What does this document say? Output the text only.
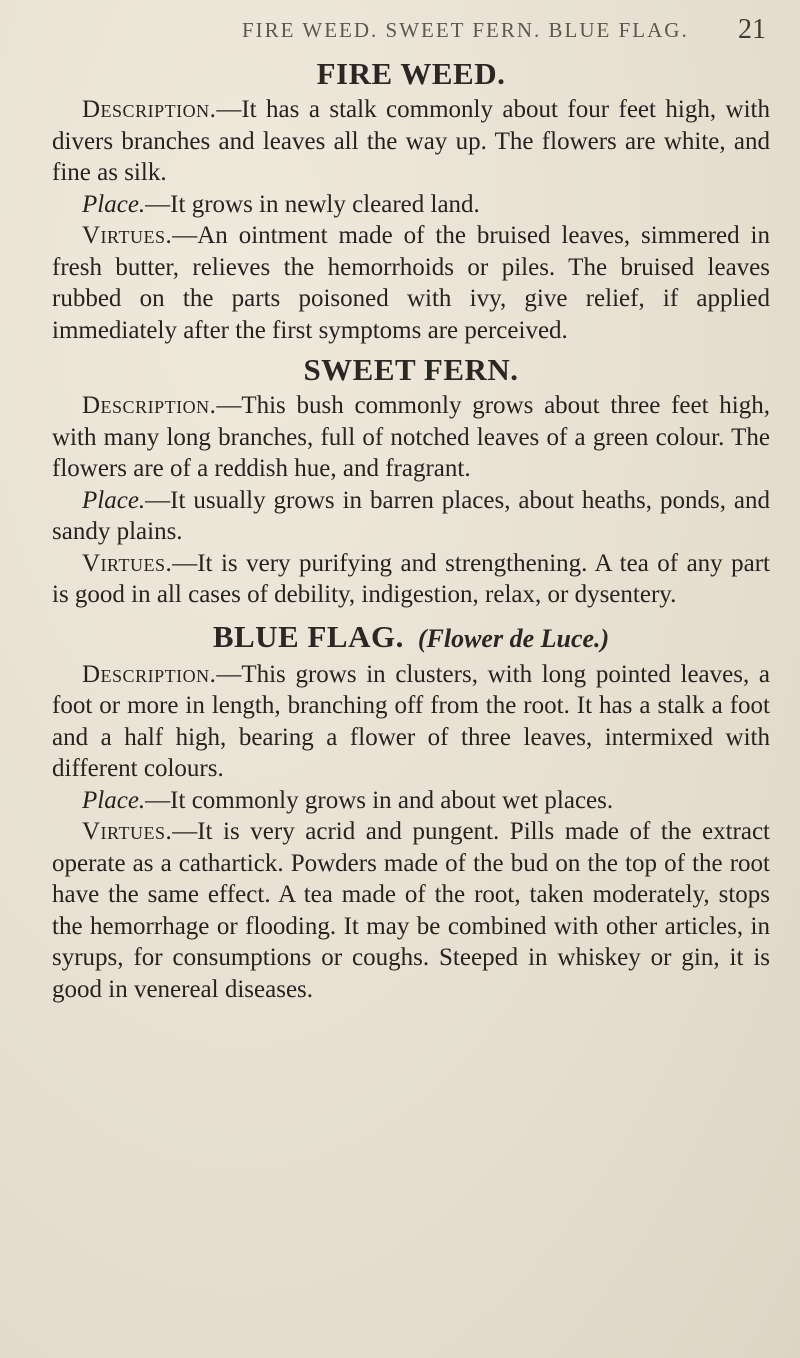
FIRE WEED. SWEET FERN. BLUE FLAG. 21
FIRE WEED.

Description.—It has a stalk commonly about four feet high, with divers branches and leaves all the way up. The flowers are white, and fine as silk.

Place.—It grows in newly cleared land.

Virtues.—An ointment made of the bruised leaves, simmered in fresh butter, relieves the hemorrhoids or piles. The bruised leaves rubbed on the parts poisoned with ivy, give relief, if applied immediately after the first symptoms are perceived.

SWEET FERN.

Description.—This bush commonly grows about three feet high, with many long branches, full of notched leaves of a green colour. The flowers are of a reddish hue, and fragrant.

Place.—It usually grows in barren places, about heaths, ponds, and sandy plains.

Virtues.—It is very purifying and strengthening. A tea of any part is good in all cases of debility, indigestion, relax, or dysentery.

BLUE FLAG. (Flower de Luce.)

Description.—This grows in clusters, with long pointed leaves, a foot or more in length, branching off from the root. It has a stalk a foot and a half high, bearing a flower of three leaves, intermixed with different colours.

Place.—It commonly grows in and about wet places.

Virtues.—It is very acrid and pungent. Pills made of the extract operate as a cathartick. Powders made of the bud on the top of the root have the same effect. A tea made of the root, taken moderately, stops the hemorrhage or flooding. It may be combined with other articles, in syrups, for consumptions or coughs. Steeped in whiskey or gin, it is good in venereal diseases.
